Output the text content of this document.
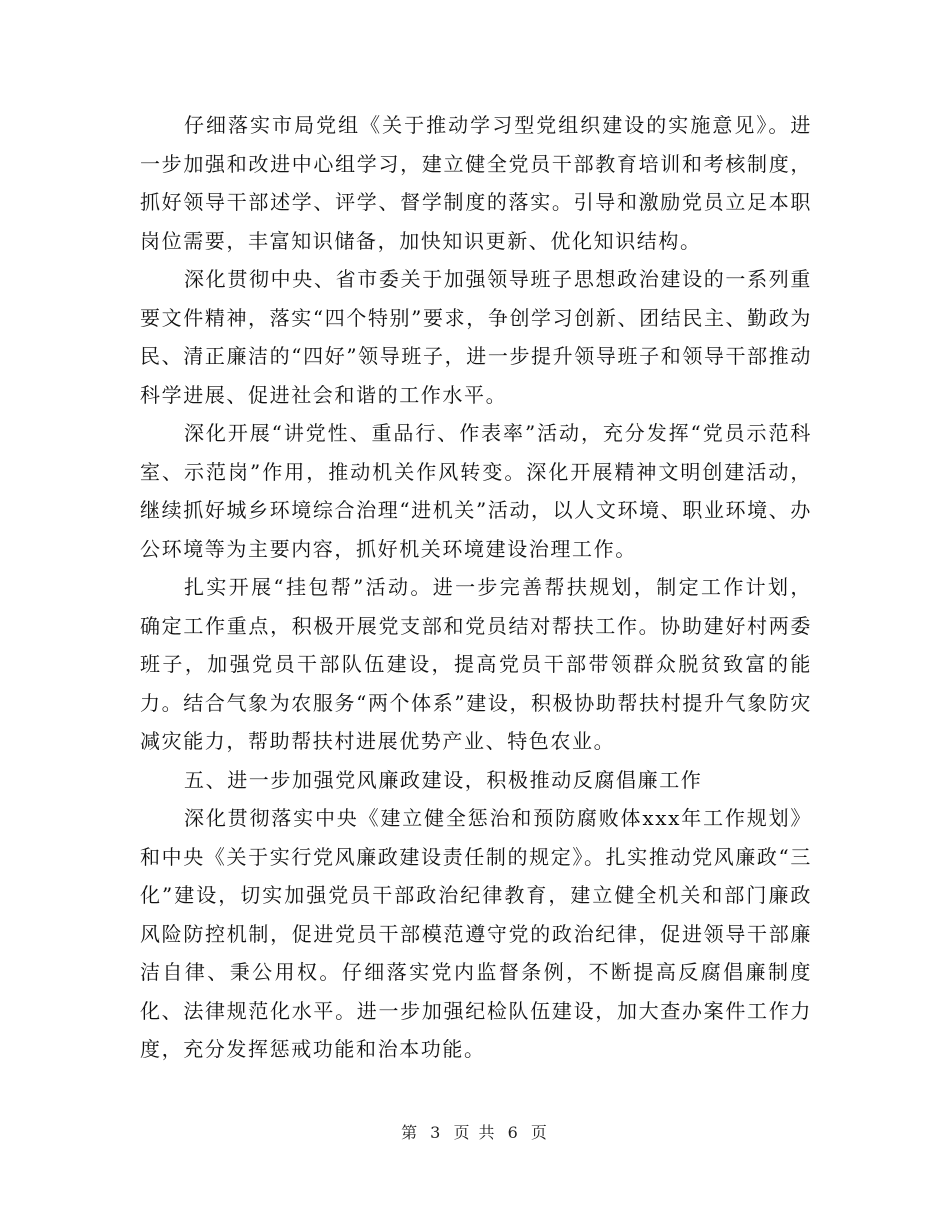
仔细落实市局党组《关于推动学习型党组织建设的实施意见》。进一步加强和改进中心组学习，建立健全党员干部教育培训和考核制度，抓好领导干部述学、评学、督学制度的落实。引导和激励党员立足本职岗位需要，丰富知识储备，加快知识更新、优化知识结构。

深化贯彻中央、省市委关于加强领导班子思想政治建设的一系列重要文件精神，落实“四个特别”要求，争创学习创新、团结民主、勤政为民、清正廉洁的“四好”领导班子，进一步提升领导班子和领导干部推动科学进展、促进社会和谐的工作水平。

深化开展“讲党性、重品行、作表率”活动，充分发挥“党员示范科室、示范岗”作用，推动机关作风转变。深化开展精神文明创建活动，继续抓好城乡环境综合治理“进机关”活动，以人文环境、职业环境、办公环境等为主要内容，抓好机关环境建设治理工作。

扎实开展“挂包帮”活动。进一步完善帮扶规划，制定工作计划，确定工作重点，积极开展党支部和党员结对帮扶工作。协助建好村两委班子，加强党员干部队伍建设，提高党员干部带领群众脱贫致富的能力。结合气象为农服务“两个体系”建设，积极协助帮扶村提升气象防灾减灾能力，帮助帮扶村进展优势产业、特色农业。

五、进一步加强党风廉政建设，积极推动反腐倡廉工作

深化贯彻落实中央《建立健全惩治和预防腐败体xxx年工作规划》和中央《关于实行党风廉政建设责任制的规定》。扎实推动党风廉政“三化”建设，切实加强党员干部政治纪律教育，建立健全机关和部门廉政风险防控机制，促进党员干部模范遵守党的政治纪律，促进领导干部廉洁自律、秉公用权。仔细落实党内监督条例，不断提高反腐倡廉制度化、法律规范化水平。进一步加强纪检队伍建设，加大查办案件工作力度，充分发挥惩戒功能和治本功能。

第 3 页 共 6 页
